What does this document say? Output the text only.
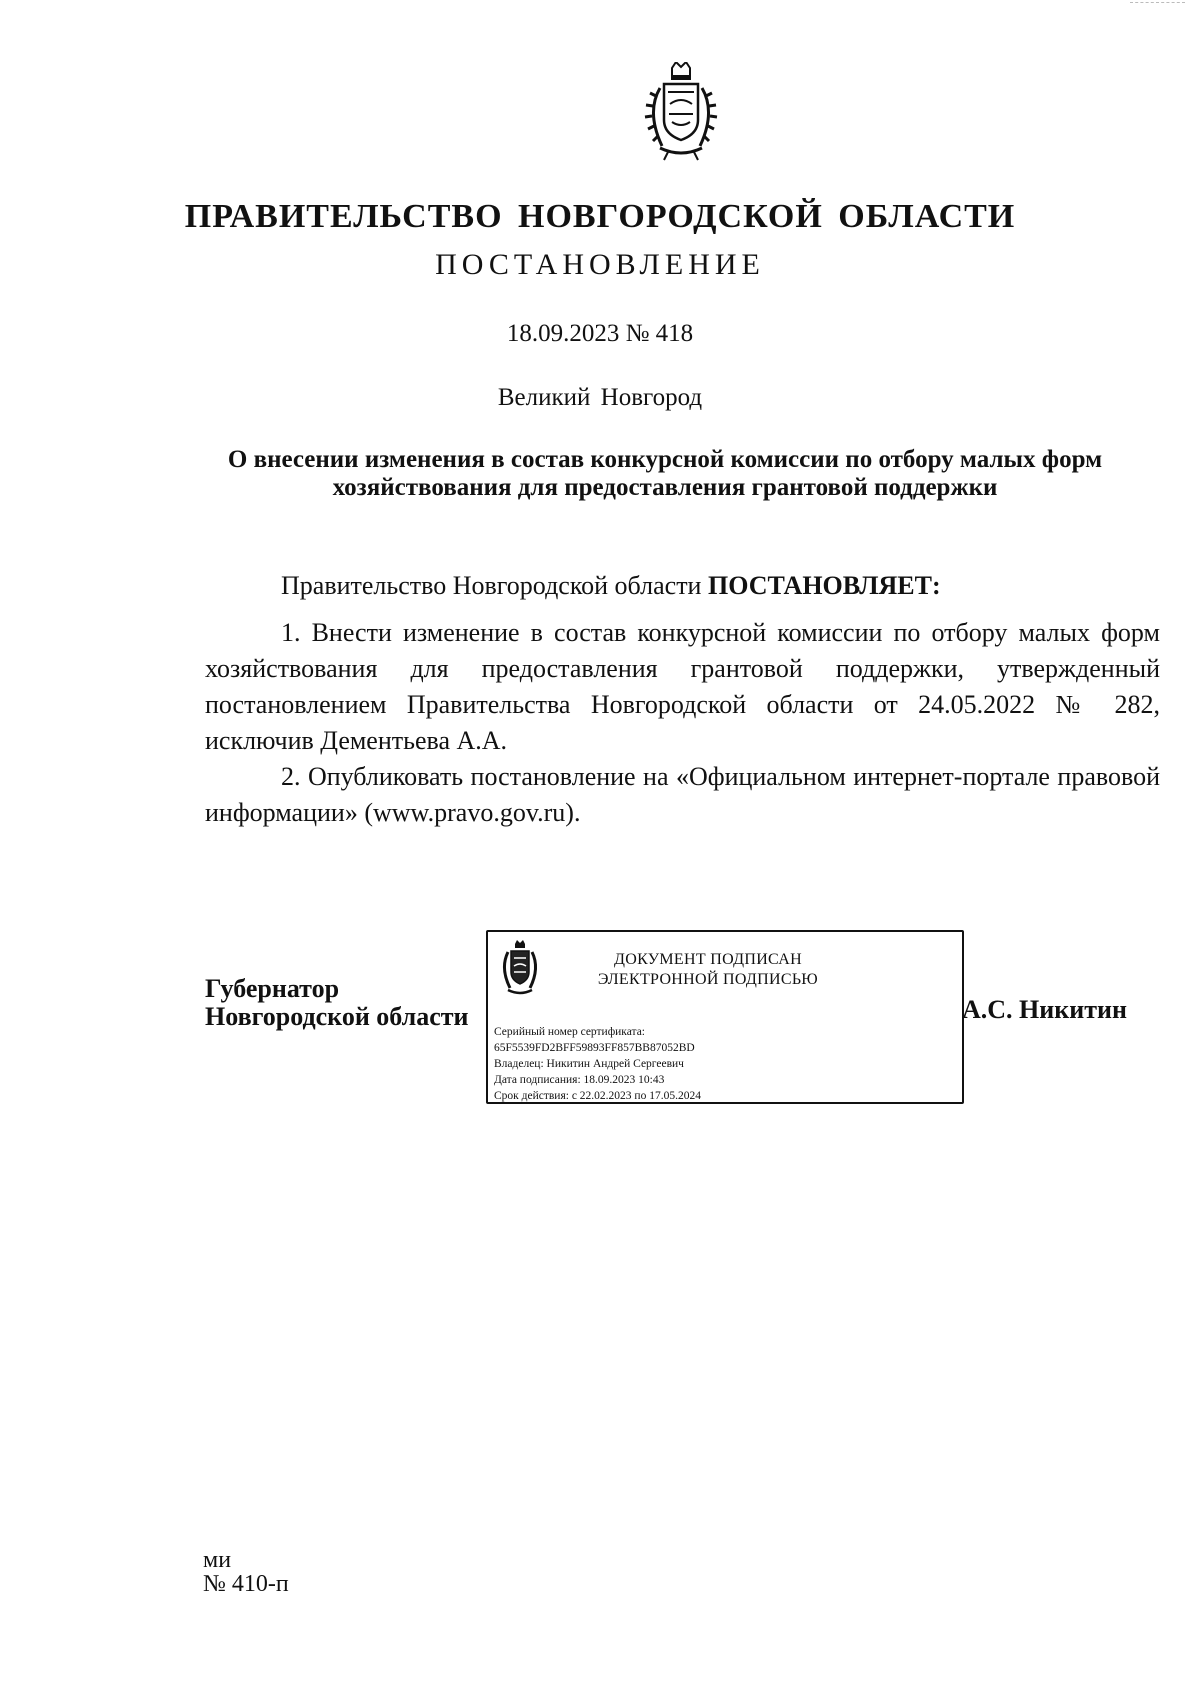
ПРАВИТЕЛЬСТВО НОВГОРОДСКОЙ ОБЛАСТИ
ПОСТАНОВЛЕНИЕ
18.09.2023 № 418
Великий Новгород
О внесении изменения в состав конкурсной комиссии по отбору малых форм хозяйствования для предоставления грантовой поддержки
Правительство Новгородской области ПОСТАНОВЛЯЕТ:
1. Внести изменение в состав конкурсной комиссии по отбору малых форм хозяйствования для предоставления грантовой поддержки, утвержденный постановлением Правительства Новгородской области от 24.05.2022 № 282, исключив Дементьева А.А.
2. Опубликовать постановление на «Официальном интернет-портале правовой информации» (www.pravo.gov.ru).
Губернатор
Новгородской области
ДОКУМЕНТ ПОДПИСАН
ЭЛЕКТРОННОЙ ПОДПИСЬЮ
Серийный номер сертификата:
65F5539FD2BFF59893FF857BB87052BD
Владелец: Никитин Андрей Сергеевич
Дата подписания: 18.09.2023 10:43
Срок действия: с 22.02.2023 по 17.05.2024
А.С. Никитин
ми
№ 410-п
